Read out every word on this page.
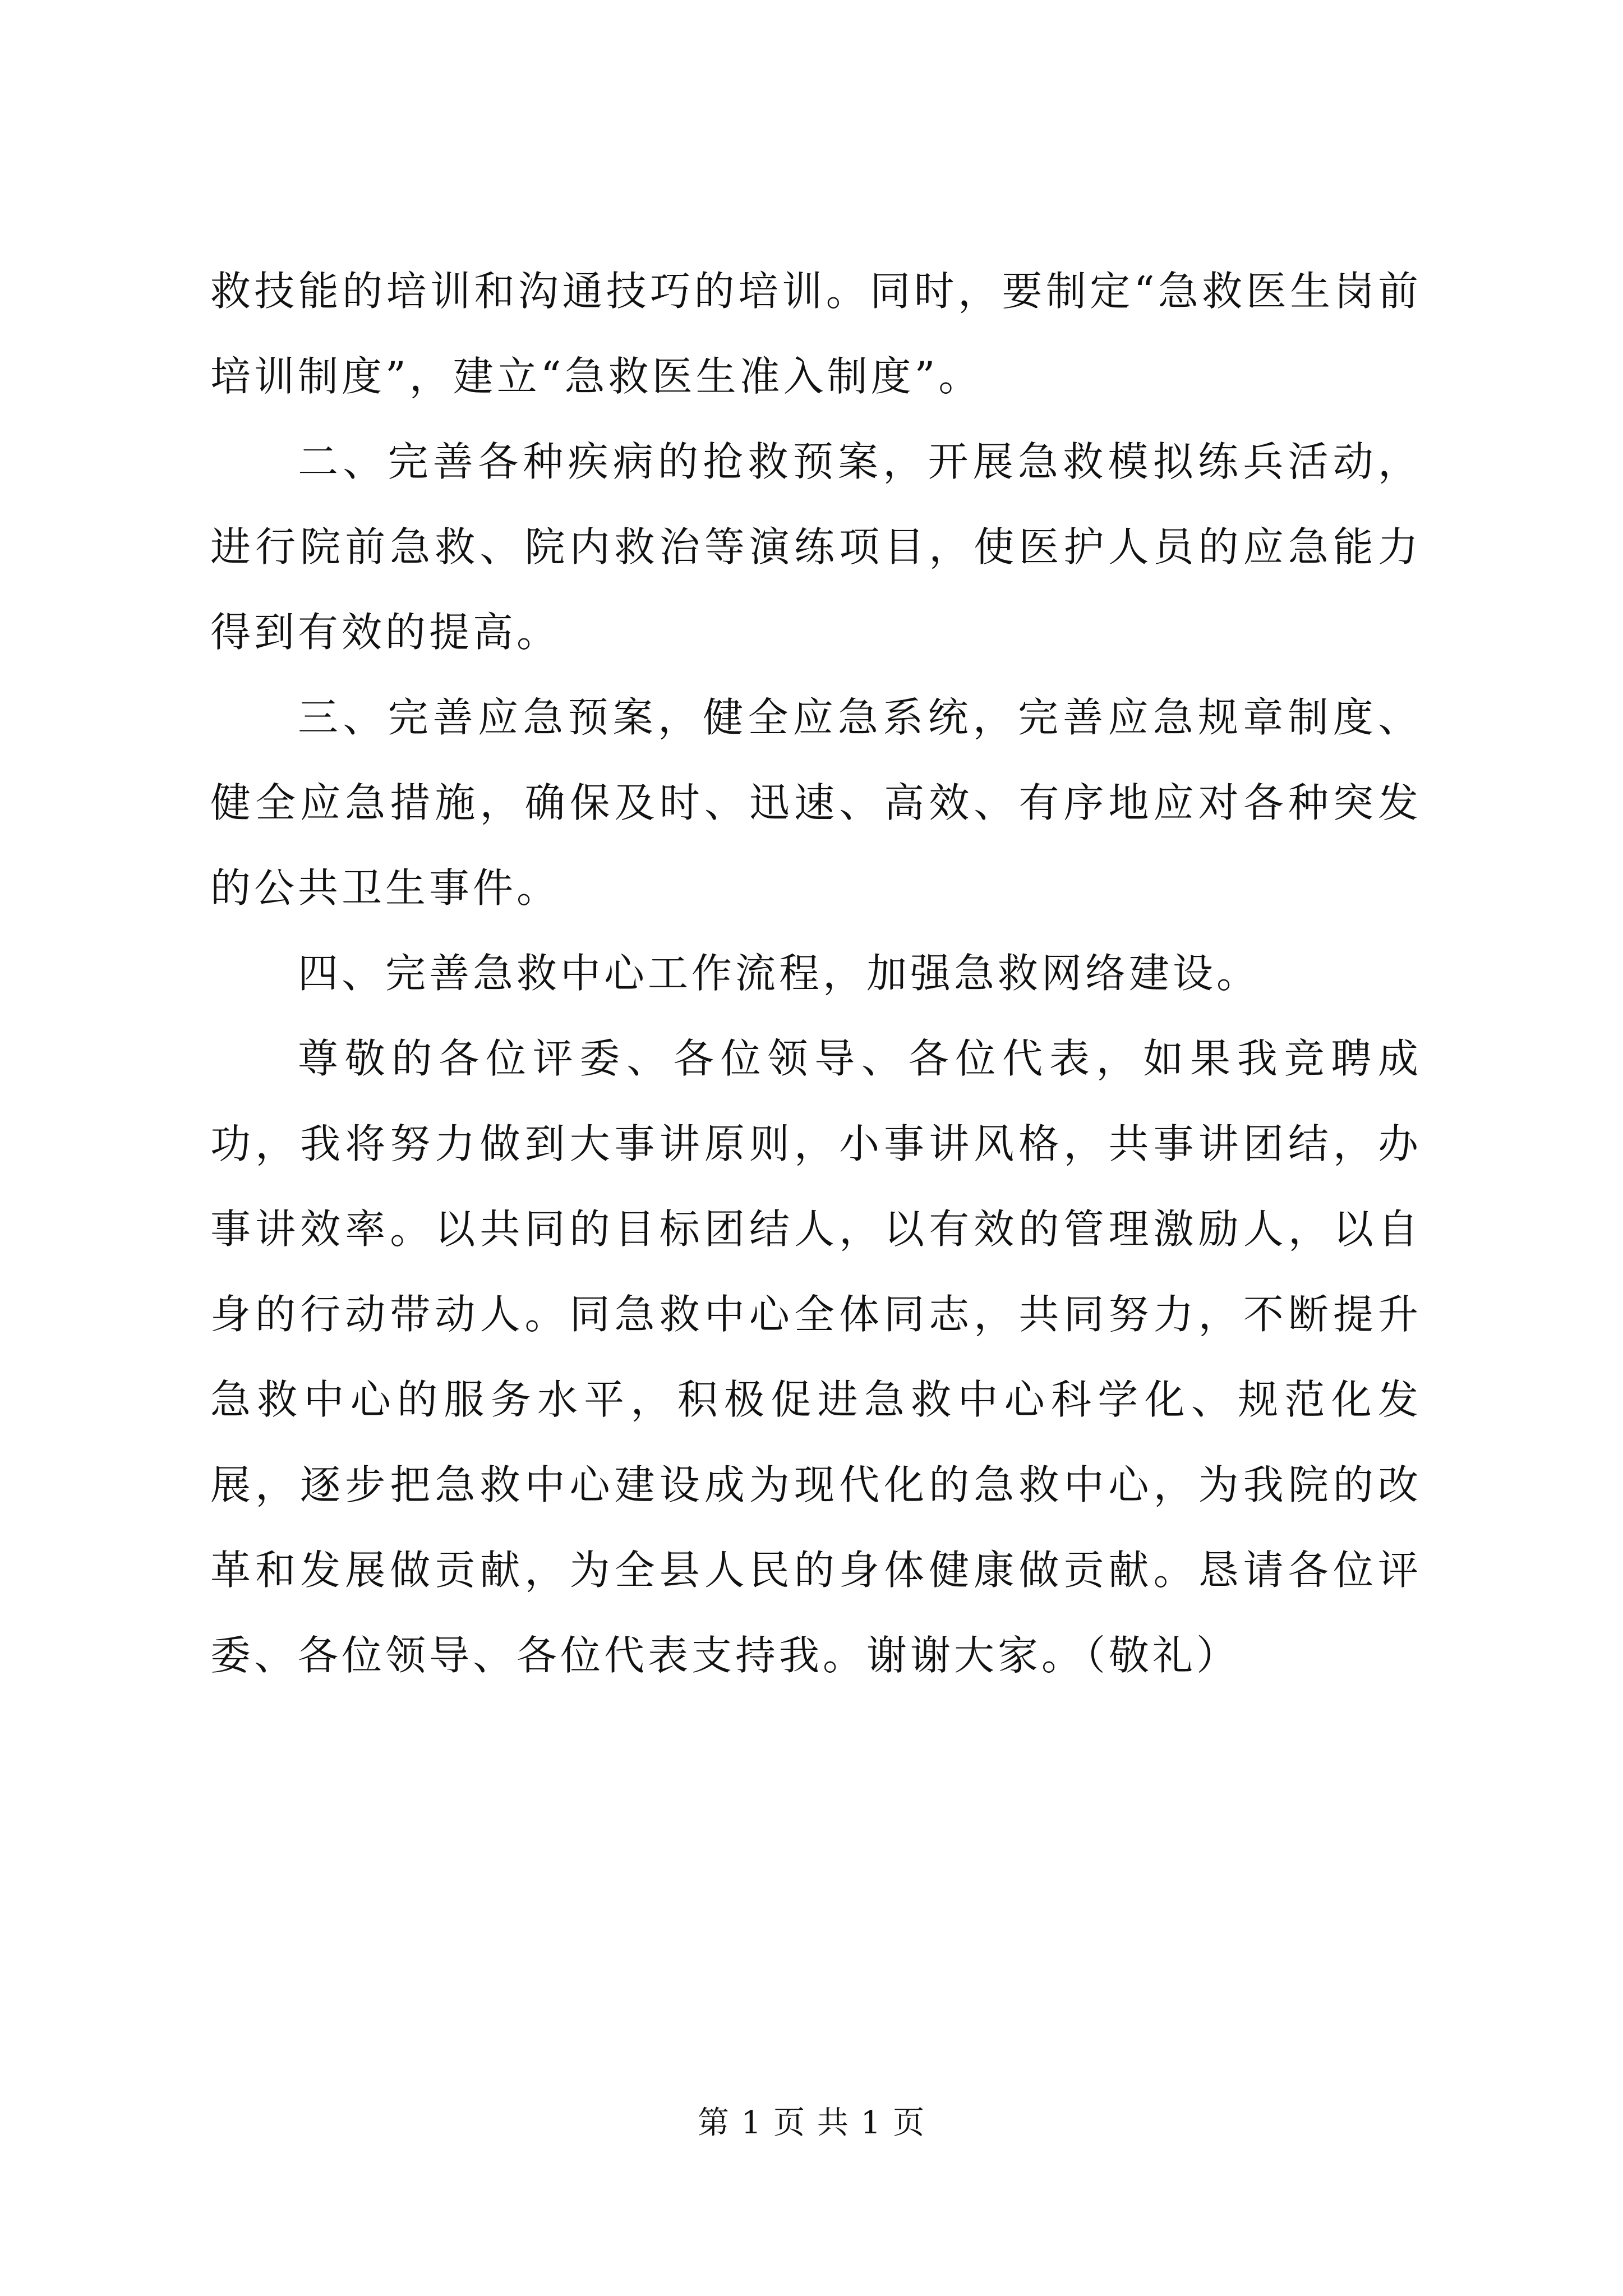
救技能的培训和沟通技巧的培训。同时，要制定“急救医生岗前培训制度”，建立“急救医生准入制度”。

二、完善各种疾病的抢救预案，开展急救模拟练兵活动，进行院前急救、院内救治等演练项目，使医护人员的应急能力得到有效的提高。

三、完善应急预案，健全应急系统，完善应急规章制度、健全应急措施，确保及时、迅速、高效、有序地应对各种突发的公共卫生事件。

四、完善急救中心工作流程，加强急救网络建设。

尊敬的各位评委、各位领导、各位代表，如果我竞聘成功，我将努力做到大事讲原则，小事讲风格，共事讲团结，办事讲效率。以共同的目标团结人，以有效的管理激励人，以自身的行动带动人。同急救中心全体同志，共同努力，不断提升急救中心的服务水平，积极促进急救中心科学化、规范化发展，逐步把急救中心建设成为现代化的急救中心，为我院的改革和发展做贡献，为全县人民的身体健康做贡献。恳请各位评委、各位领导、各位代表支持我。谢谢大家。（敬礼）

第 1 页 共 1 页
